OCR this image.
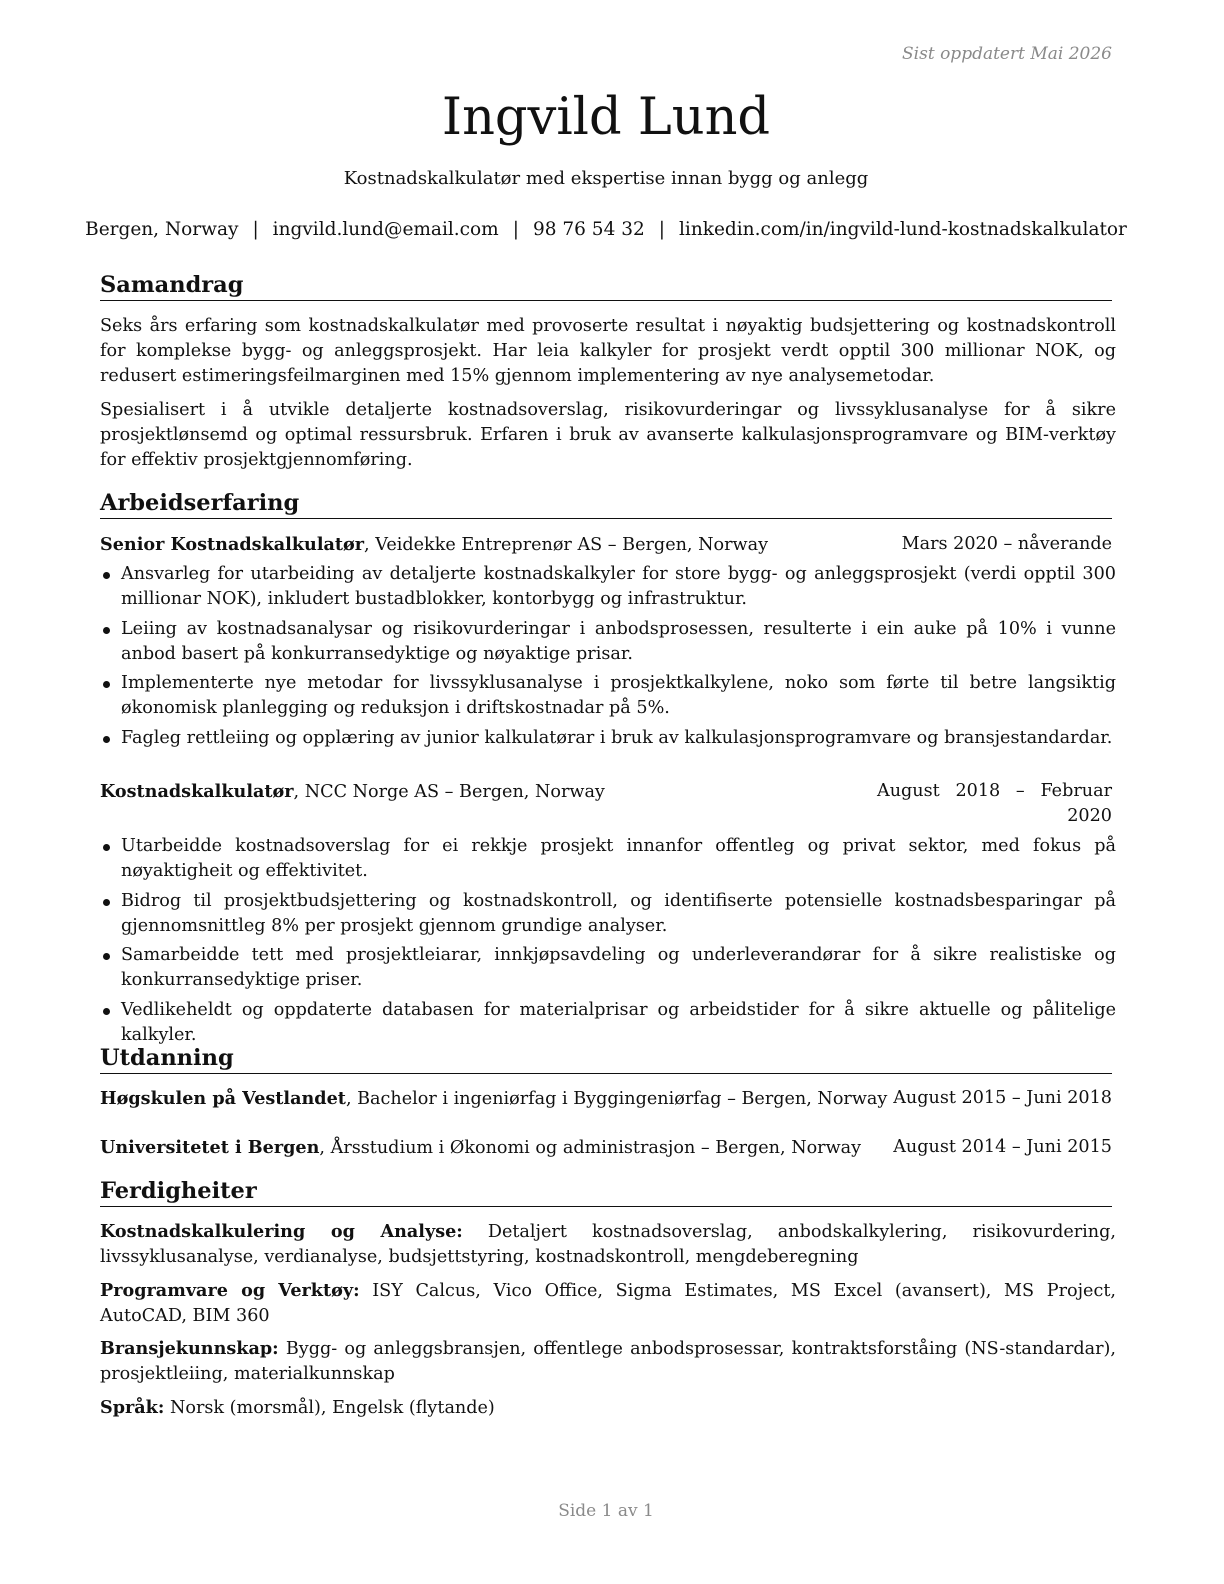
Sist oppdatert Mai 2026
Ingvild Lund
Kostnadskalkulatør med ekspertise innan bygg og anlegg
Bergen, Norway | ingvild.lund@email.com | 98 76 54 32 | linkedin.com/in/ingvild-lund-kostnadskalkulator
Samandrag
Seks års erfaring som kostnadskalkulatør med provoserte resultat i nøyaktig budsjettering og kostnadskontroll for komplekse bygg- og anleggsprosjekt. Har leia kalkyler for prosjekt verdt opptil 300 millionar NOK, og redusert estimeringsfeilmarginen med 15% gjennom implementering av nye analysemetodar.
Spesialisert i å utvikle detaljerte kostnadsoverslag, risikovurderingar og livssyklusanalyse for å sikre prosjektlønsemd og optimal ressursbruk. Erfaren i bruk av avanserte kalkulasjonsprogramvare og BIM-verktøy for effektiv prosjektgjennomføring.
Arbeidserfaring
Senior Kostnadskalkulatør, Veidekke Entreprenør AS – Bergen, Norway	Mars 2020 – nåverande
Ansvarleg for utarbeiding av detaljerte kostnadskalkyler for store bygg- og anleggsprosjekt (verdi opptil 300 millionar NOK), inkludert bustadblokker, kontorbygg og infrastruktur.
Leiing av kostnadsanalysar og risikovurderingar i anbodsprosessen, resulterte i ein auke på 10% i vunne anbod basert på konkurransedyktige og nøyaktige prisar.
Implementerte nye metodar for livssyklusanalyse i prosjektkalkylene, noko som førte til betre langsiktig økonomisk planlegging og reduksjon i driftskostnadar på 5%.
Fagleg rettleiing og opplæring av junior kalkulatørar i bruk av kalkulasjonsprogramvare og bransjestandardar.
Kostnadskalkulatør, NCC Norge AS – Bergen, Norway	August 2018 – Februar 2020
Utarbeidde kostnadsoverslag for ei rekkje prosjekt innanfor offentleg og privat sektor, med fokus på nøyaktigheit og effektivitet.
Bidrog til prosjektbudsjettering og kostnadskontroll, og identifiserte potensielle kostnadsbesparingar på gjennomsnittleg 8% per prosjekt gjennom grundige analyser.
Samarbeidde tett med prosjektleiarar, innkjøpsavdeling og underleverandørar for å sikre realistiske og konkurransedyktige priser.
Vedlikeheldt og oppdaterte databasen for materialprisar og arbeidstider for å sikre aktuelle og pålitelige kalkyler.
Utdanning
Høgskulen på Vestlandet, Bachelor i ingeniørfag i Byggingeniørfag – Bergen, Norway August 2015 – Juni 2018
Universitetet i Bergen, Årsstudium i Økonomi og administrasjon – Bergen, Norway August 2014 – Juni 2015
Ferdigheiter
Kostnadskalkulering og Analyse: Detaljert kostnadsoverslag, anbodskalkylering, risikovurdering, livssyklusanalyse, verdianalyse, budsjettstyring, kostnadskontroll, mengdeberegning
Programvare og Verktøy: ISY Calcus, Vico Office, Sigma Estimates, MS Excel (avansert), MS Project, AutoCAD, BIM 360
Bransjekunnskap: Bygg- og anleggsbransjen, offentlege anbodsprosessar, kontraktsforståing (NS-standardar), prosjektleiing, materialkunnskap
Språk: Norsk (morsmål), Engelsk (flytande)
Side 1 av 1
